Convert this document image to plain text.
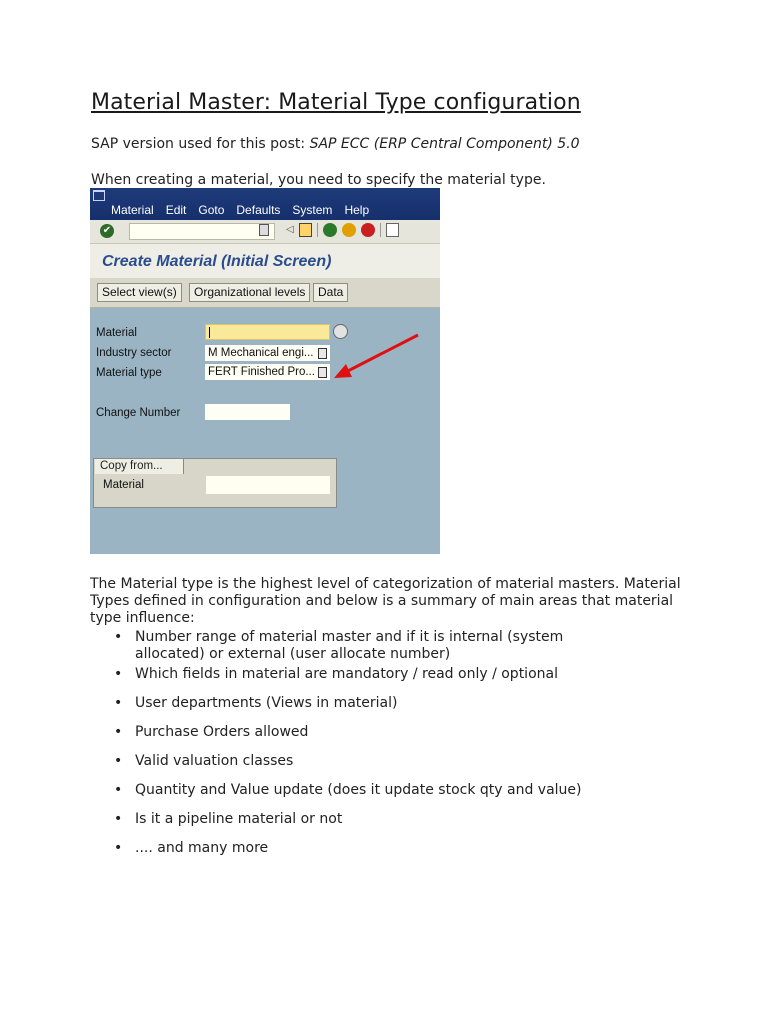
Material Master: Material Type configuration
SAP version used for this post: SAP ECC (ERP Central Component) 5.0
When creating a material, you need to specify the material type.
Material Edit Goto Defaults System Help
✔	◁
Create Material (Initial Screen)
Select view(s)	Organizational levels	Data
Material
Industry sector	M Mechanical engi...
Material type	FERT Finished Pro...
Change Number
Copy from...
Material
The Material type is the highest level of categorization of material masters. Material Types defined in configuration and below is a summary of main areas that material type influence:
• Number range of material master and if it is internal (system allocated) or external (user allocate number)
• Which fields in material are mandatory / read only / optional
• User departments (Views in material)
• Purchase Orders allowed
• Valid valuation classes
• Quantity and Value update (does it update stock qty and value)
• Is it a pipeline material or not
• .... and many more
